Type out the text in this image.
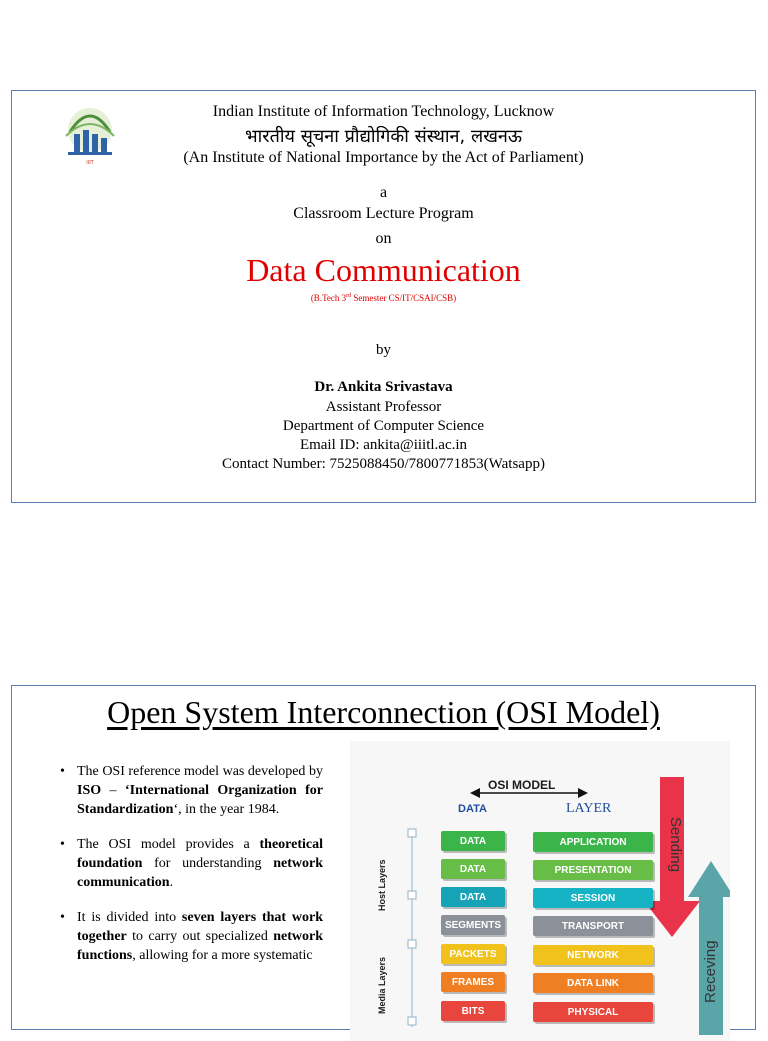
IIIT
Indian Institute of Information Technology, Lucknow
भारतीय सूचना प्रौद्योगिकी संस्थान, लखनऊ
(An Institute of National Importance by the Act of Parliament)
a
Classroom Lecture Program
on
Data Communication
(B.Tech 3rd Semester CS/IT/CSAI/CSB)
by
Dr. Ankita Srivastava
Assistant Professor
Department of Computer Science
Email ID: ankita@iiitl.ac.in
Contact Number: 7525088450/7800771853(Watsapp)
Open System Interconnection (OSI Model)
• The OSI reference model was developed by ISO – ‘International Organization for Standardization‘, in the year 1984.
• The OSI model provides a theoretical foundation for understanding network communication.
• It is divided into seven layers that work together to carry out specialized network functions, allowing for a more systematic
OSI MODEL
DATA	LAYER
DATA	APPLICATION
DATA	PRESENTATION
DATA	SESSION
SEGMENTS	TRANSPORT
PACKETS	NETWORK
FRAMES	DATA LINK
BITS	PHYSICAL
Host Layers
Media Layers
Sending
Receving
